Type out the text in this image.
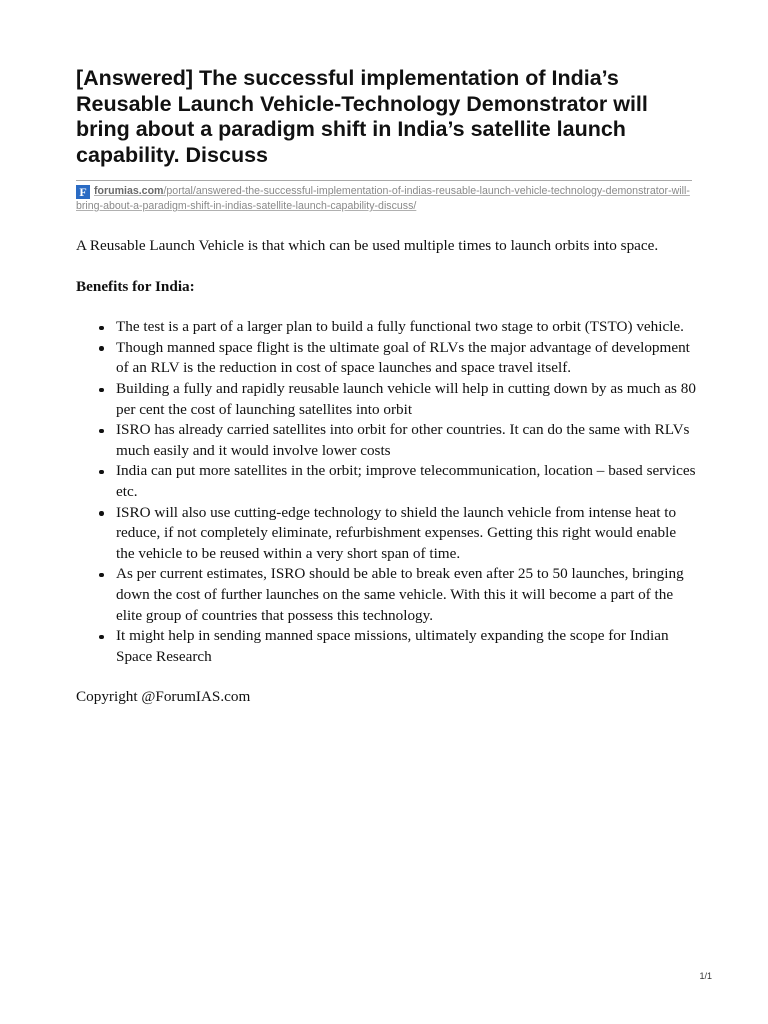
[Answered] The successful implementation of India’s Reusable Launch Vehicle-Technology Demonstrator will bring about a paradigm shift in India’s satellite launch capability. Discuss
F forumias.com/portal/answered-the-successful-implementation-of-indias-reusable-launch-vehicle-technology-demonstrator-will-bring-about-a-paradigm-shift-in-indias-satellite-launch-capability-discuss/

A Reusable Launch Vehicle is that which can be used multiple times to launch orbits into space.

Benefits for India:

The test is a part of a larger plan to build a fully functional two stage to orbit (TSTO) vehicle.
Though manned space flight is the ultimate goal of RLVs the major advantage of development of an RLV is the reduction in cost of space launches and space travel itself.
Building a fully and rapidly reusable launch vehicle will help in cutting down by as much as 80 per cent the cost of launching satellites into orbit
ISRO has already carried satellites into orbit for other countries. It can do the same with RLVs much easily and it would involve lower costs
India can put more satellites in the orbit; improve telecommunication, location – based services etc.
ISRO will also use cutting-edge technology to shield the launch vehicle from intense heat to reduce, if not completely eliminate, refurbishment expenses. Getting this right would enable the vehicle to be reused within a very short span of time.
As per current estimates, ISRO should be able to break even after 25 to 50 launches, bringing down the cost of further launches on the same vehicle. With this it will become a part of the elite group of countries that possess this technology.
It might help in sending manned space missions, ultimately expanding the scope for Indian Space Research

Copyright @ForumIAS.com

1/1
